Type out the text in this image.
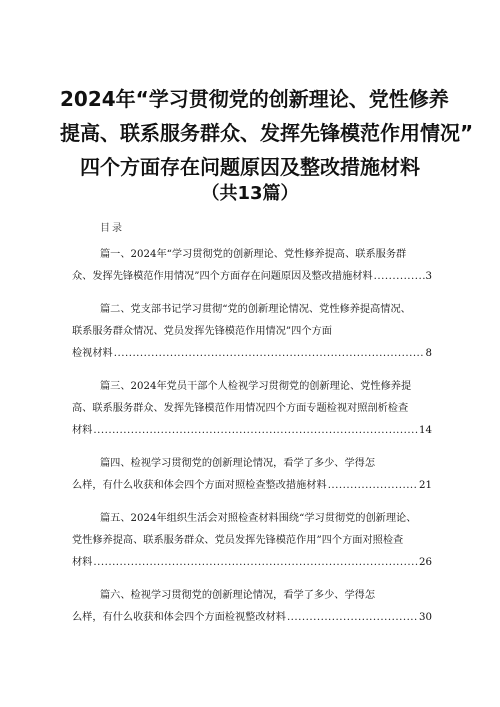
2024年“学习贯彻党的创新理论、党性修养
提高、联系服务群众、发挥先锋模范作用情况”
四个方面存在问题原因及整改措施材料
（共13篇）
目录
篇一、2024年“学习贯彻党的创新理论、党性修养提高、联系服务群
众、发挥先锋模范作用情况”四个方面存在问题原因及整改措施材料 .....	3
篇二、党支部书记学习贯彻“党的创新理论情况、党性修养提高情况、
联系服务群众情况、党员发挥先锋模范作用情况”四个方面
检视材料 .....	8
篇三、2024年党员干部个人检视学习贯彻党的创新理论、党性修养提
高、联系服务群众、发挥先锋模范作用情况四个方面专题检视对照剖析检查
材料 .....	14
篇四、检视学习贯彻党的创新理论情况，看学了多少、学得怎
么样，有什么收获和体会四个方面对照检查整改措施材料 .....	21
篇五、2024年组织生活会对照检查材料围绕“学习贯彻党的创新理论、
党性修养提高、联系服务群众、党员发挥先锋模范作用”四个方面对照检查
材料 .....	26
篇六、检视学习贯彻党的创新理论情况，看学了多少、学得怎
么样，有什么收获和体会四个方面检视整改材料 .....	30
